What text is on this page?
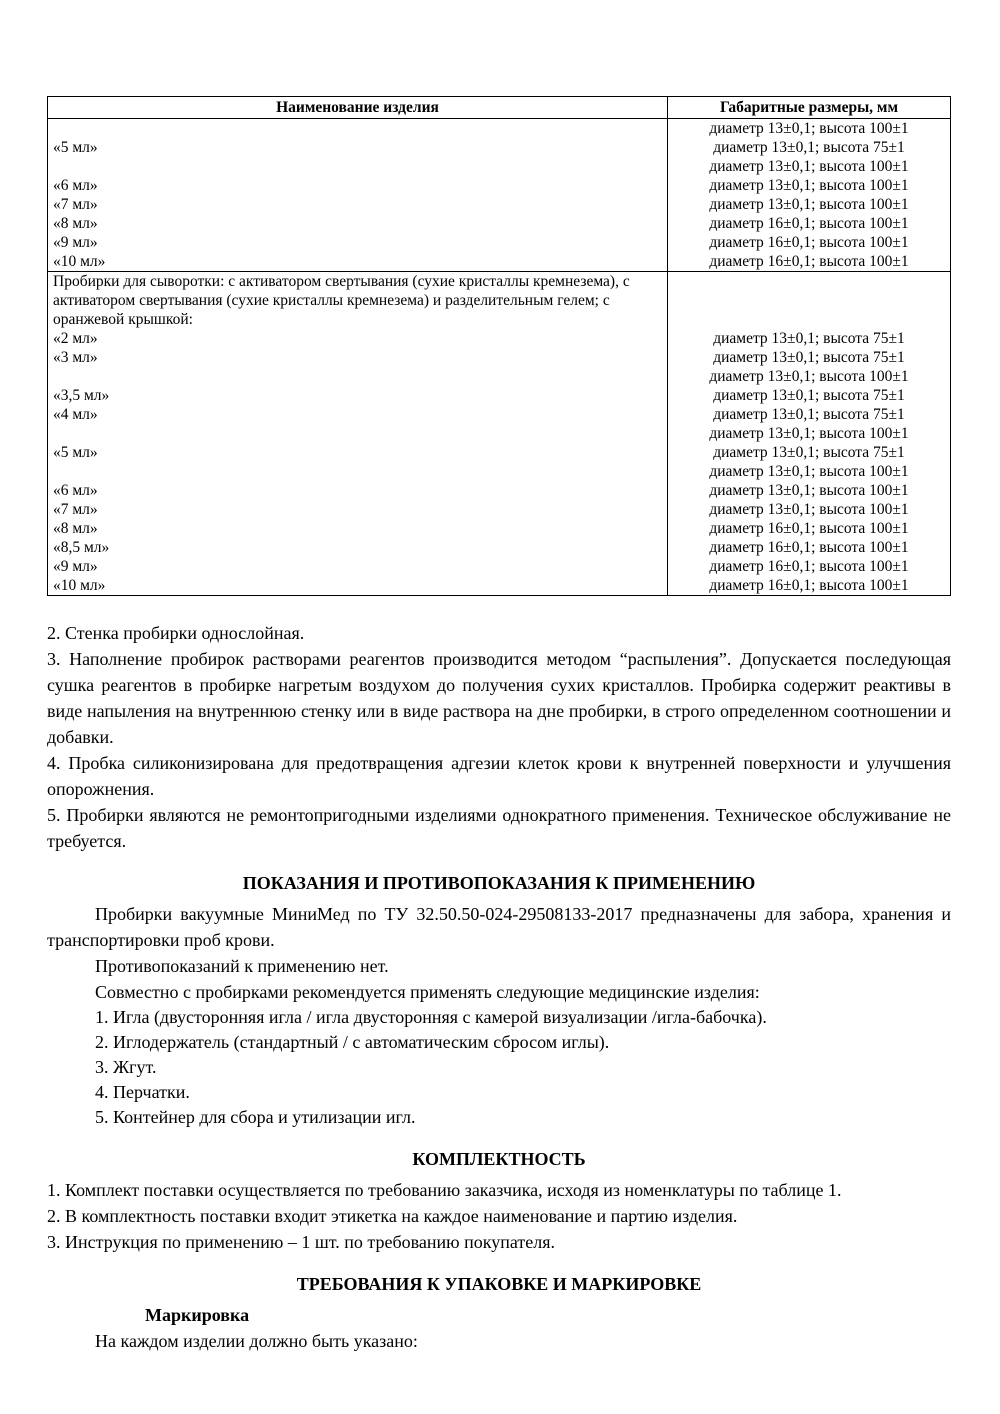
Наименование изделия	Габаритные размеры, мм
диаметр 13±0,1; высота 100±1
«5 мл»	диаметр 13±0,1; высота 75±1
диаметр 13±0,1; высота 100±1
«6 мл»	диаметр 13±0,1; высота 100±1
«7 мл»	диаметр 13±0,1; высота 100±1
«8 мл»	диаметр 16±0,1; высота 100±1
«9 мл»	диаметр 16±0,1; высота 100±1
«10 мл»	диаметр 16±0,1; высота 100±1
Пробирки для сыворотки: с активатором свертывания (сухие кристаллы кремнезема), с активатором свертывания (сухие кристаллы кремнезема) и разделительным гелем; с оранжевой крышкой:
«2 мл»	диаметр 13±0,1; высота 75±1
«3 мл»	диаметр 13±0,1; высота 75±1
диаметр 13±0,1; высота 100±1
«3,5 мл»	диаметр 13±0,1; высота 75±1
«4 мл»	диаметр 13±0,1; высота 75±1
диаметр 13±0,1; высота 100±1
«5 мл»	диаметр 13±0,1; высота 75±1
диаметр 13±0,1; высота 100±1
«6 мл»	диаметр 13±0,1; высота 100±1
«7 мл»	диаметр 13±0,1; высота 100±1
«8 мл»	диаметр 16±0,1; высота 100±1
«8,5 мл»	диаметр 16±0,1; высота 100±1
«9 мл»	диаметр 16±0,1; высота 100±1
«10 мл»	диаметр 16±0,1; высота 100±1

2. Стенка пробирки однослойная.

3. Наполнение пробирок растворами реагентов производится методом “распыления”. Допускается последующая сушка реагентов в пробирке нагретым воздухом до получения сухих кристаллов. Пробирка содержит реактивы в виде напыления на внутреннюю стенку или в виде раствора на дне пробирки, в строго определенном соотношении и добавки.

4. Пробка силиконизирована для предотвращения адгезии клеток крови к внутренней поверхности и улучшения опорожнения.

5. Пробирки являются не ремонтопригодными изделиями однократного применения. Техническое обслуживание не требуется.

ПОКАЗАНИЯ И ПРОТИВОПОКАЗАНИЯ К ПРИМЕНЕНИЮ

Пробирки вакуумные МиниМед по ТУ 32.50.50-024-29508133-2017 предназначены для забора, хранения и транспортировки проб крови.

Противопоказаний к применению нет.

Совместно с пробирками рекомендуется применять следующие медицинские изделия:

1. Игла (двусторонняя игла / игла двусторонняя с камерой визуализации /игла-бабочка).

2. Иглодержатель (стандартный / с автоматическим сбросом иглы).

3. Жгут.

4. Перчатки.

5. Контейнер для сбора и утилизации игл.

КОМПЛЕКТНОСТЬ

1. Комплект поставки осуществляется по требованию заказчика, исходя из номенклатуры по таблице 1.

2. В комплектность поставки входит этикетка на каждое наименование и партию изделия.

3. Инструкция по применению – 1 шт. по требованию покупателя.

ТРЕБОВАНИЯ К УПАКОВКЕ И МАРКИРОВКЕ

Маркировка

На каждом изделии должно быть указано:
